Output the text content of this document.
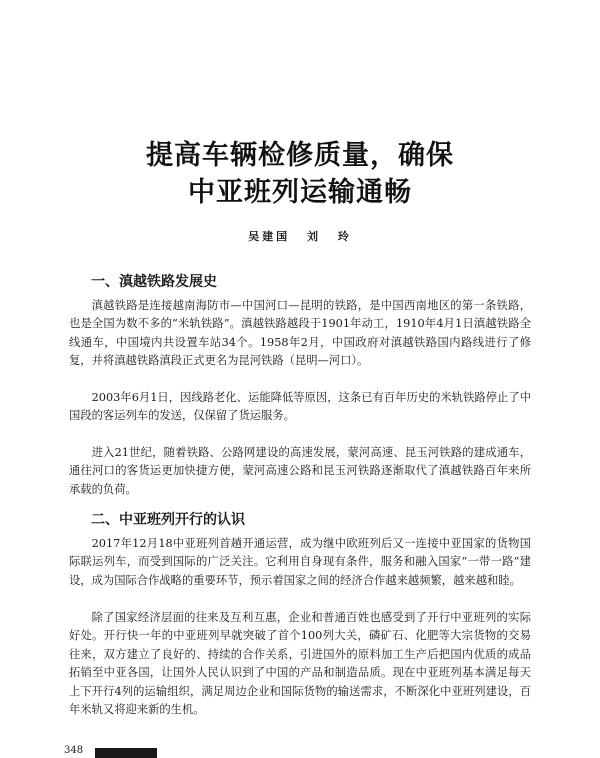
提高车辆检修质量，确保
中亚班列运输通畅
吴建国 刘 玲
一、滇越铁路发展史

滇越铁路是连接越南海防市—中国河口—昆明的铁路，是中国西南地区的第一条铁路，也是全国为数不多的“米轨铁路”。滇越铁路越段于1901年动工，1910年4月1日滇越铁路全线通车，中国境内共设置车站34个。1958年2月，中国政府对滇越铁路国内路线进行了修复，并将滇越铁路滇段正式更名为昆河铁路（昆明—河口）。

2003年6月1日，因线路老化、运能降低等原因，这条已有百年历史的米轨铁路停止了中国段的客运列车的发送，仅保留了货运服务。

进入21世纪，随着铁路、公路网建设的高速发展，蒙河高速、昆玉河铁路的建成通车，通往河口的客货运更加快捷方便，蒙河高速公路和昆玉河铁路逐渐取代了滇越铁路百年来所承载的负荷。

二、中亚班列开行的认识

2017年12月18中亚班列首趟开通运营，成为继中欧班列后又一连接中亚国家的货物国际联运列车，而受到国际的广泛关注。它利用自身现有条件，服务和融入国家“一带一路”建设，成为国际合作战略的重要环节，预示着国家之间的经济合作越来越频繁，越来越和睦。

除了国家经济层面的往来及互利互惠，企业和普通百姓也感受到了开行中亚班列的实际好处。开行快一年的中亚班列早就突破了首个100列大关，磷矿石、化肥等大宗货物的交易往来，双方建立了良好的、持续的合作关系，引进国外的原料加工生产后把国内优质的成品拓销至中亚各国，让国外人民认识到了中国的产品和制造品质。现在中亚班列基本满足每天上下开行4列的运输组织，满足周边企业和国际货物的输送需求，不断深化中亚班列建设，百年米轨又将迎来新的生机。

348
